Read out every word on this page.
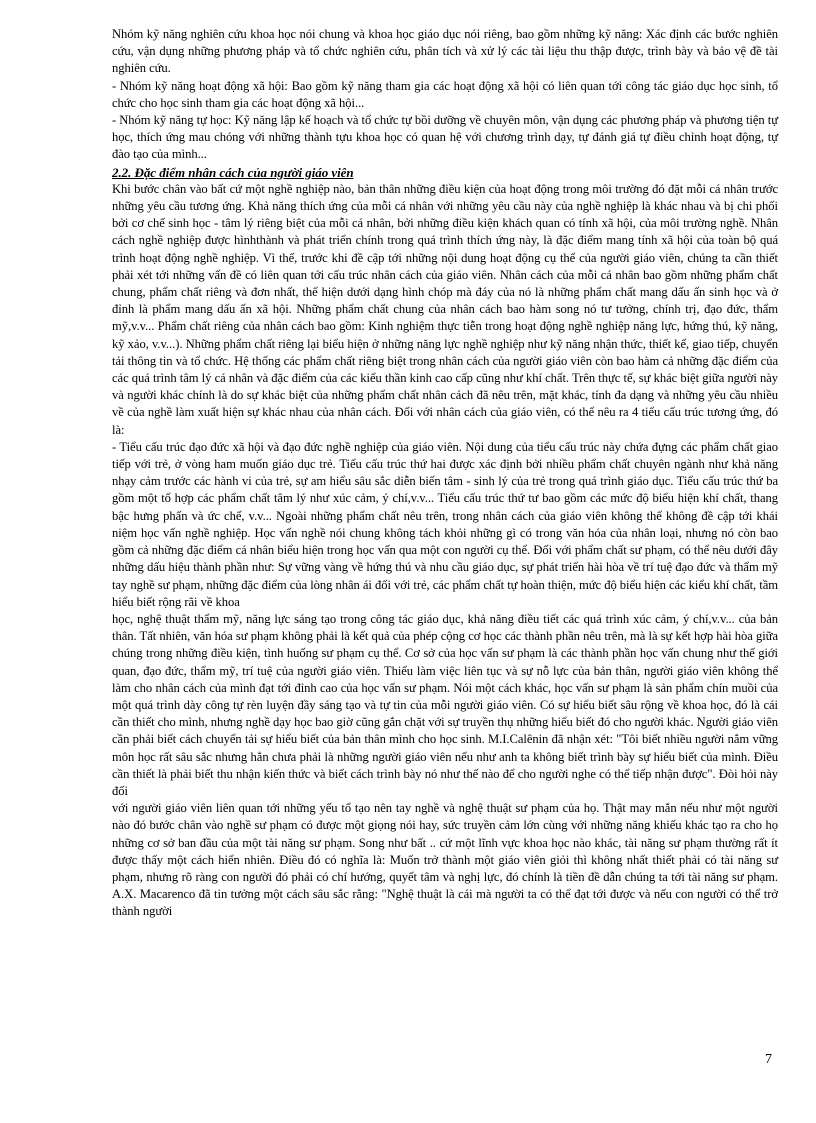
Nhóm kỹ năng nghiên cứu khoa học nói chung và khoa học giáo dục nói riêng, bao gồm những kỹ năng: Xác định các bước nghiên cứu, vận dụng những phương pháp và tổ chức nghiên cứu, phân tích và xử lý các tài liệu thu thập được, trình bày và bảo vệ đề tài nghiên cứu.

- Nhóm kỹ năng hoạt động xã hội: Bao gồm kỹ năng tham gia các hoạt động xã hội có liên quan tới công tác giáo dục học sinh, tổ chức cho học sinh tham gia các hoạt động xã hội...

- Nhóm kỹ năng tự học: Kỹ năng lập kế hoạch và tổ chức tự bồi dưỡng về chuyên môn, vận dụng các phương pháp và phương tiện tự học, thích ứng mau chóng với những thành tựu khoa học có quan hệ với chương trình dạy, tự đánh giá tự điều chỉnh hoạt động, tự đào tạo của mình...

2.2. Đặc điểm nhân cách của người giáo viên

Khi bước chân vào bất cứ một nghề nghiệp nào, bản thân những điều kiện của hoạt động trong môi trường đó đặt mỗi cá nhân trước những yêu cầu tương ứng. Khả năng thích ứng của mỗi cá nhân với những yêu cầu này của nghề nghiệp là khác nhau và bị chi phối bởi cơ chế sinh học - tâm lý riêng biệt của mỗi cá nhân, bởi những điều kiện khách quan có tính xã hội, của môi trường nghề. Nhân cách nghề nghiệp được hìnhthành và phát triển chính trong quá trình thích ứng này, là đặc điểm mang tính xã hội của toàn bộ quá trình hoạt động nghề nghiệp. Vì thế, trước khi đề cập tới những nội dung hoạt động cụ thể của người giáo viên, chúng ta cần thiết phải xét tới những vấn đề có liên quan tới cấu trúc nhân cách của giáo viên. Nhân cách của mỗi cá nhân bao gồm những phẩm chất chung, phẩm chất riêng và đơn nhất, thể hiện dưới dạng hình chóp mà đáy của nó là những phẩm chất mang dấu ấn sinh học và ở đỉnh là phẩm mang dấu ấn xã hội. Những phẩm chất chung của nhân cách bao hàm song nó tư tưởng, chính trị, đạo đức, thẩm mỹ,v.v... Phẩm chất riêng của nhân cách bao gồm: Kinh nghiệm thực tiễn trong hoạt động nghề nghiệp năng lực, hứng thú, kỹ năng, kỹ xảo, v.v...). Những phẩm chất riêng lại biểu hiện ở những năng lực nghề nghiệp như kỹ năng nhận thức, thiết kế, giao tiếp, chuyển tải thông tin và tổ chức. Hệ thống các phẩm chất riêng biệt trong nhân cách của người giáo viên còn bao hàm cả những đặc điểm của các quá trình tâm lý cá nhân và đặc điểm của các kiểu thần kinh cao cấp cũng như khí chất. Trên thực tế, sự khác biệt giữa người này và người khác chính là do sự khác biệt của những phẩm chất nhân cách đã nêu trên, mặt khác, tính đa dạng và những yêu cầu nhiều về của nghề làm xuất hiện sự khác nhau của nhân cách. Đối với nhân cách của giáo viên, có thể nêu ra 4 tiểu cấu trúc tương ứng, đó là:

- Tiểu cấu trúc đạo đức xã hội và đạo đức nghề nghiệp của giáo viên. Nội dung của tiểu cấu trúc này chứa đựng các phẩm chất giao tiếp với trẻ, ở vòng ham muốn giáo dục trẻ. Tiểu cấu trúc thứ hai được xác định bởi nhiều phẩm chất chuyên ngành như khả năng nhạy cảm trước các hành vi của trẻ, sự am hiểu sâu sắc diễn biến tâm - sinh lý của trẻ trong quá trình giáo dục. Tiểu cấu trúc thứ ba gồm một tổ hợp các phẩm chất tâm lý như xúc cảm, ý chí,v.v... Tiểu cấu trúc thứ tư bao gồm các mức độ biểu hiện khí chất, thang bậc hưng phấn và ức chế, v.v... Ngoài những phẩm chất nêu trên, trong nhân cách của giáo viên không thể không đề cập tới khái niệm học vấn nghề nghiệp. Học vấn nghề nói chung không tách khỏi những gì có trong văn hóa của nhân loại, nhưng nó còn bao gồm cả những đặc điểm cá nhân biểu hiện trong học vấn qua một con người cụ thể. Đối với phẩm chất sư phạm, có thể nêu dưới đây những dấu hiệu thành phần như: Sự vững vàng về hứng thú và nhu cầu giáo dục, sự phát triển hài hòa về trí tuệ đạo đức và thẩm mỹ tay nghề sư phạm, những đặc điểm của lòng nhân ái đối với trẻ, các phẩm chất tự hoàn thiện, mức độ biểu hiện các kiểu khí chất, tầm hiểu biết rộng rãi về khoa

học, nghệ thuật thẩm mỹ, năng lực sáng tạo trong công tác giáo dục, khả năng điều tiết các quá trình xúc cảm, ý chí,v.v... của bản thân. Tất nhiên, văn hóa sư phạm không phải là kết quả của phép cộng cơ học các thành phần nêu trên, mà là sự kết hợp hài hòa giữa chúng trong những điều kiện, tình huống sư phạm cụ thể. Cơ sở của học vấn sư phạm là các thành phần học vấn chung như thế giới quan, đạo đức, thẩm mỹ, trí tuệ của người giáo viên. Thiếu làm việc liên tục và sự nỗ lực của bản thân, người giáo viên không thể làm cho nhân cách của mình đạt tới đỉnh cao của học vấn sư phạm. Nói một cách khác, học vấn sư phạm là sản phẩm chín muồi của một quá trình dày công tự rèn luyện đầy sáng tạo và tự tin của mỗi người giáo viên. Có sự hiểu biết sâu rộng về khoa học, đó là cái cần thiết cho mình, nhưng nghề dạy học bao giờ cũng gắn chặt với sự truyền thụ những hiểu biết đó cho người khác. Người giáo viên cần phải biết cách chuyển tải sự hiểu biết của bản thân mình cho học sinh. M.I.Calênin đã nhận xét: "Tôi biết nhiều người nắm vững môn học rất sâu sắc nhưng hẳn chưa phải là những người giáo viên nếu như anh ta không biết trình bày sự hiểu biết của mình. Điều cần thiết là phải biết thu nhận kiến thức và biết cách trình bày nó như thế nào để cho người nghe có thể tiếp nhận được". Đòi hỏi này đối

với người giáo viên liên quan tới những yếu tố tạo nên tay nghề và nghệ thuật sư phạm của họ. Thật may mắn nếu như một người nào đó bước chân vào nghề sư phạm có được một giọng nói hay, sức truyền cảm lớn cùng với những năng khiếu khác tạo ra cho họ những cơ sở ban đầu của một tài năng sư phạm. Song như bất .. cứ một lĩnh vực khoa học nào khác, tài năng sư phạm thường rất ít được thấy một cách hiển nhiên. Điều đó có nghĩa là: Muốn trở thành một giáo viên giỏi thì không nhất thiết phải có tài năng sư phạm, nhưng rõ ràng con người đó phải có chí hướng, quyết tâm và nghị lực, đó chính là tiền đề dẫn chúng ta tới tài năng sư phạm. A.X. Macarenco đã tin tưởng một cách sâu sắc rằng: "Nghệ thuật là cái mà người ta có thể đạt tới được và nếu con người có thể trở thành người

7
